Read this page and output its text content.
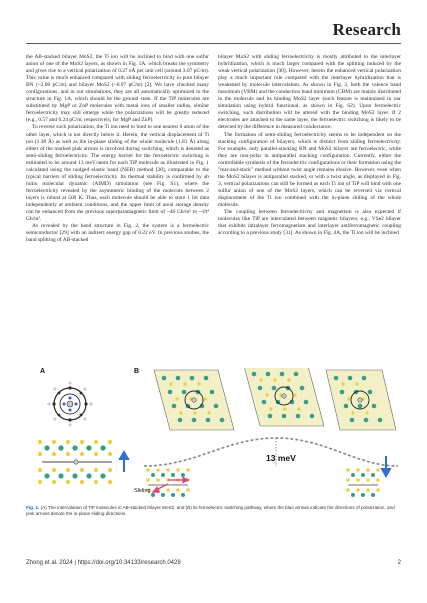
Research

the AB-stacked bilayer MoS2, the Ti ion will be inclined to bind with one sulfur anion of one of the MoS2 layers, as shown in Fig. 1A, which breaks the symmetry and gives rise to a vertical polarization of 0.27 eÅ per unit cell (around 3.07 pC/m). This value is much enhanced compared with sliding ferroelectricity in pure bilayer BN (~2.08 pC/m) and bilayer MoS2 (~0.97 pC/m) [2]. We have checked many configurations, and in our simulations, they are all automatically optimized to the structure in Fig. 1A, which should be the ground state. If the TiP molecules are substituted by MgP or ZnP molecules with metal ions of smaller radius, similar ferroelectricity may still emerge while the polarizations will be greatly reduced (e.g., 0.57 and 0.24 pC/m, respectively, for MgP and ZnP).

To reverse such polarization, the Ti ion need to bind to one nearest S atom of the other layer, which is not directly below it. Herein, the vertical displacement of Ti ion (1.38 Å) as well as the in-plane sliding of the whole molecule (1.81 Å) along either of the marked pink arrows is involved during switching, which is denoted as semi-sliding ferroelectricity. The energy barrier for the ferroelectric switching is estimated to be around 13 meV/atom for each TiP molecule as illustrated in Fig. 1 calculated using the nudged elastic band (NEB) method [28], comparable to the typical barriers of sliding ferroelectricity. Its thermal stability is confirmed by ab initio molecular dynamic (AIMD) simulation (see Fig. S1), where the ferroelectricity revealed by the asymmetric binding of the molecule between 2 layers is robust at 500 K. Thus, each molecule should be able to store 1 bit data independently at ambient conditions, and the upper limit of areal storage density can be enhanced from the previous superparamagnetic limit of ~40 Gb/in² to ~10⁴ Gb/in².

As revealed by the band structure in Fig. 2, the system is a ferroelectric semiconductor [29] with an indirect energy gap of 0.22 eV. In previous studies, the band splitting of AB-stacked

bilayer MoS2 with sliding ferroelectricity is mostly attributed to the interlayer hybridization, which is much larger compared with the splitting induced by the weak vertical polarization [30]. However, herein the enhanced vertical polarization play a much important role compared with the interlayer hybridization that is weakened by molecule intercalation. As shown in Fig. 2, both the valence band maximum (VBM) and the conduction band minimum (CBM) are mainly distributed in the molecule and its binding MoS2 layer (such feature is maintained in our simulation using hybrid functional, as shown in Fig. S2). Upon ferroelectric switching, such distribution will be altered with the binding MoS2 layer. If 2 electrodes are attached to the same layer, the ferroelectric switching is likely to be detected by the difference in measured conductance.

The formation of semi-sliding ferroelectricity seems to be independent on the stacking configuration of bilayers, which is distinct from sliding ferroelectricity. For example, only parallel-stacking BN and MoS2 bilayer are ferroelectric, while they are non-polar in antiparallel stacking configuration. Currently, either the controllable synthesis of the ferroelectric configurations or their formation using the "tear-and-stack" method without twist angle remains elusive. However, even when the MoS2 bilayer is antiparallel stacked, or with a twist angle, as displayed in Fig. 3, vertical polarizations can still be formed as each Ti ion of TiP will bind with one sulfur anion of one of the MoS2 layers, which can be reversed via vertical displacement of the Ti ion combined with the in-plane sliding of the whole molecule.

The coupling between ferroelectricity and magnetism is also expected if molecules like TiP are intercalated between magnetic bilayers, e.g., VSe2 bilayer that exhibits intralayer ferromagnetism and interlayer antiferromagnetic coupling according to a previous study [31]. As shown in Fig. 4A, the Ti ion will be inclined

A	B
13 meV
Sliding
Fig. 1. (A) The intercalation of TiP molecules in AB-stacked bilayer MoS2, and (B) its ferroelectric switching pathway, where the blue arrows indicate the directions of polarization, and pink arrows denote the in-plane sliding directions.
Zhong et al. 2024 | https://doi.org/10.34133/research.0428	2
